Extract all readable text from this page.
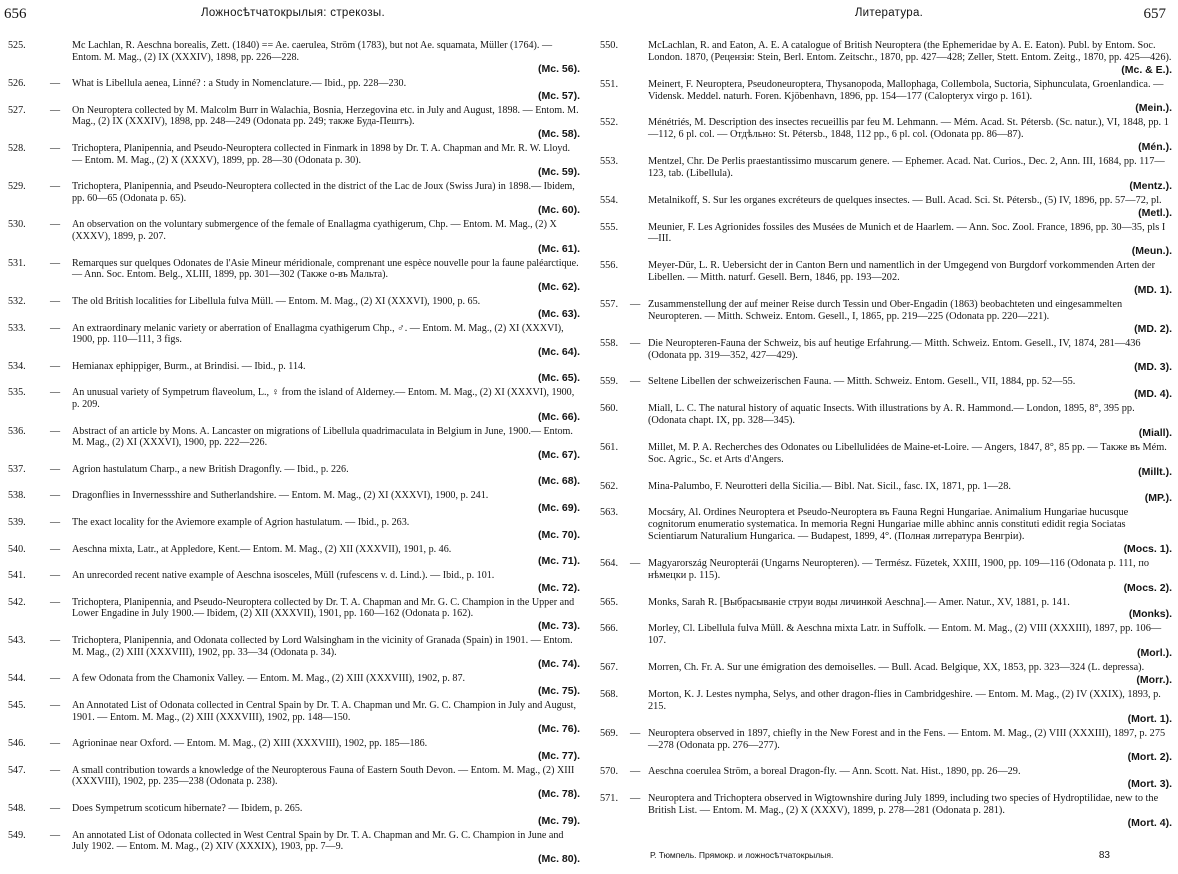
656	Ложносѣтчатокрылыя: стрекозы.
525.	Mc Lachlan, R. Aeschna borealis, Zett. (1840) == Ae. caerulea, Ström (1783), but not Ae. squamata, Müller (1764). — Entom. M. Mag., (2) IX (XXXIV), 1898, pp. 226—228.
(Mc. 56).
526.	— What is Libellula aenea, Linné? : a Study in Nomenclature.— Ibid., pp. 228—230.
(Mc. 57).
527.	— On Neuroptera collected by M. Malcolm Burr in Walachia, Bosnia, Herzegovina etc. in July and August, 1898. — Entom. M. Mag., (2) IX (XXXIV), 1898, pp. 248—249 (Odonata pp. 249; также Буда-Пештъ).
(Mc. 58).
528.	— Trichoptera, Planipennia, and Pseudo-Neuroptera collected in Finmark in 1898 by Dr. T. A. Chapman and Mr. R. W. Lloyd.— Entom. M. Mag., (2) X (XXXV), 1899, pp. 28—30 (Odonata p. 30).
(Mc. 59).
529.	— Trichoptera, Planipennia, and Pseudo-Neuroptera collected in the district of the Lac de Joux (Swiss Jura) in 1898.— Ibidem, pp. 60—65 (Odonata p. 65).
(Mc. 60).
530.	— An observation on the voluntary submergence of the female of Enallagma cyathigerum, Chp. — Entom. M. Mag., (2) X (XXXV), 1899, p. 207.
(Mc. 61).
531.	— Remarques sur quelques Odonates de l'Asie Mineur méridionale, comprenant une espèce nouvelle pour la faune paléarctique. — Ann. Soc. Entom. Belg., XLIII, 1899, pp. 301—302 (Также о-въ Мальта).
(Mc. 62).
532.	— The old British localities for Libellula fulva Müll. — Entom. M. Mag., (2) XI (XXXVI), 1900, p. 65.
(Mc. 63).
533.	— An extraordinary melanic variety or aberration of Enallagma cyathigerum Chp., ♂. — Entom. M. Mag., (2) XI (XXXVI), 1900, pp. 110—111, 3 figs.
(Mc. 64).
534.	— Hemianax ephippiger, Burm., at Brindisi. — Ibid., p. 114.
(Mc. 65).
535.	— An unusual variety of Sympetrum flaveolum, L., ♀ from the island of Alderney.— Entom. M. Mag., (2) XI (XXXVI), 1900, p. 209.
(Mc. 66).
536.	— Abstract of an article by Mons. A. Lancaster on migrations of Libellula quadrimaculata in Belgium in June, 1900.— Entom. M. Mag., (2) XI (XXXVI), 1900, pp. 222—226.
(Mc. 67).
537.	— Agrion hastulatum Charp., a new British Dragonfly. — Ibid., p. 226.
(Mc. 68).
538.	— Dragonflies in Invernessshire and Sutherlandshire. — Entom. M. Mag., (2) XI (XXXVI), 1900, p. 241.
(Mc. 69).
539.	— The exact locality for the Aviemore example of Agrion hastulatum. — Ibid., p. 263.
(Mc. 70).
540.	— Aeschna mixta, Latr., at Appledore, Kent.— Entom. M. Mag., (2) XII (XXXVII), 1901, p. 46.
(Mc. 71).
541.	— An unrecorded recent native example of Aeschna isosceles, Müll (rufescens v. d. Lind.). — Ibid., p. 101.
(Mc. 72).
542.	— Trichoptera, Planipennia, and Pseudo-Neuroptera collected by Dr. T. A. Chapman and Mr. G. C. Champion in the Upper and Lower Engadine in July 1900.— Ibidem, (2) XII (XXXVII), 1901, pp. 160—162 (Odonata p. 162).
(Mc. 73).
543.	— Trichoptera, Planipennia, and Odonata collected by Lord Walsingham in the vicinity of Granada (Spain) in 1901. — Entom. M. Mag., (2) XIII (XXXVIII), 1902, pp. 33—34 (Odonata p. 34).
(Mc. 74).
544.	— A few Odonata from the Chamonix Valley. — Entom. M. Mag., (2) XIII (XXXVIII), 1902, p. 87.
(Mc. 75).
545.	— An Annotated List of Odonata collected in Central Spain by Dr. T. A. Chapman und Mr. G. C. Champion in July and August, 1901. — Entom. M. Mag., (2) XIII (XXXVIII), 1902, pp. 148—150.
(Mc. 76).
546.	— Agrioninae near Oxford. — Entom. M. Mag., (2) XIII (XXXVIII), 1902, pp. 185—186.
(Mc. 77).
547.	— A small contribution towards a knowledge of the Neuropterous Fauna of Eastern South Devon. — Entom. M. Mag., (2) XIII (XXXVIII), 1902, pp. 235—238 (Odonata p. 238).
(Mc. 78).
548.	— Does Sympetrum scoticum hibernate? — Ibidem, p. 265.
(Mc. 79).
549.	— An annotated List of Odonata collected in West Central Spain by Dr. T. A. Chapman and Mr. G. C. Champion in June and July 1902. — Entom. M. Mag., (2) XIV (XXXIX), 1903, pp. 7—9.
(Mc. 80).
Литература.	657
550.	McLachlan, R. and Eaton, A. E. A catalogue of British Neuroptera (the Ephemeridae by A. E. Eaton). Publ. by Entom. Soc. London. 1870, (Рецензія: Stein, Berl. Entom. Zeitschr., 1870, pp. 427—428; Zeller, Stett. Entom. Zeitg., 1870, pp. 425—426).
(Mc. & E.).
551.	Meinert, F. Neuroptera, Pseudoneuroptera, Thysanopoda, Mallophaga, Collembola, Suctoria, Siphunculata, Groenlandica. — Vidensk. Meddel. naturh. Foren. Kjöbenhavn, 1896, pp. 154—177 (Calopteryx virgo p. 161).
(Mein.).
552.	Ménétriés, M. Description des insectes recueillis par feu M. Lehmann. — Mém. Acad. St. Pétersb. (Sc. natur.), VI, 1848, pp. 1—112, 6 pl. col. — Отдѣльно: St. Pétersb., 1848, 112 pp., 6 pl. col. (Odonata pp. 86—87).
(Mén.).
553.	Mentzel, Chr. De Perlis praestantissimo muscarum genere. — Ephemer. Acad. Nat. Curios., Dec. 2, Ann. III, 1684, pp. 117—123, tab. (Libellula).
(Mentz.).
554.	Metalnikoff, S. Sur les organes excréteurs de quelques insectes. — Bull. Acad. Sci. St. Pétersb., (5) IV, 1896, pp. 57—72, pl.
(Metl.).
555.	Meunier, F. Les Agrionides fossiles des Musées de Munich et de Haarlem. — Ann. Soc. Zool. France, 1896, pp. 30—35, pls I—III.
(Meun.).
556.	Meyer-Dür, L. R. Uebersicht der in Canton Bern und namentlich in der Umgegend von Burgdorf vorkommenden Arten der Libellen. — Mitth. naturf. Gesell. Bern, 1846, pp. 193—202.
(MD. 1).
557.	— Zusammenstellung der auf meiner Reise durch Tessin und Ober-Engadin (1863) beobachteten und eingesammelten Neuropteren. — Mitth. Schweiz. Entom. Gesell., I, 1865, pp. 219—225 (Odonata pp. 220—221).
(MD. 2).
558.	— Die Neuropteren-Fauna der Schweiz, bis auf heutige Erfahrung.— Mitth. Schweiz. Entom. Gesell., IV, 1874, 281—436 (Odonata pp. 319—352, 427—429).
(MD. 3).
559.	— Seltene Libellen der schweizerischen Fauna. — Mitth. Schweiz. Entom. Gesell., VII, 1884, pp. 52—55.
(MD. 4).
560.	Miall, L. C. The natural history of aquatic Insects. With illustrations by A. R. Hammond.— London, 1895, 8°, 395 pp. (Odonata chapt. IX, pp. 328—345).
(Miall).
561.	Millet, M. P. A. Recherches des Odonates ou Libellulidées de Maine-et-Loire. — Angers, 1847, 8°, 85 pp. — Также въ Mém. Soc. Agric., Sc. et Arts d'Angers.
(Millt.).
562.	Mina-Palumbo, F. Neurotteri della Sicilia.— Bibl. Nat. Sicil., fasc. IX, 1871, pp. 1—28.
(MP.).
563.	Mocsáry, Al. Ordines Neuroptera et Pseudo-Neuroptera въ Fauna Regni Hungariae. Animalium Hungariae hucusque cognitorum enumeratio systematica. In memoria Regni Hungariae mille abhinc annis constituti edidit regia Sociatas Scientiarum Naturalium Hungarica. — Budapest, 1899, 4°. (Полная литература Венгріи).
(Mocs. 1).
564.	— Magyarország Neuropterái (Ungarns Neuropteren). — Termész. Füzetek, XXIII, 1900, pp. 109—116 (Odonata p. 111, по нѣмецки p. 115).
(Mocs. 2).
565.	Monks, Sarah R. [Выбрасываніе струи воды личинкой Aeschna].— Amer. Natur., XV, 1881, p. 141.
(Monks).
566.	Morley, Cl. Libellula fulva Müll. & Aeschna mixta Latr. in Suffolk. — Entom. M. Mag., (2) VIII (XXXIII), 1897, pp. 106—107.
(Morl.).
567.	Morren, Ch. Fr. A. Sur une émigration des demoiselles. — Bull. Acad. Belgique, XX, 1853, pp. 323—324 (L. depressa).
(Morr.).
568.	Morton, K. J. Lestes nympha, Selys, and other dragon-flies in Cambridgeshire. — Entom. M. Mag., (2) IV (XXIX), 1893, p. 215.
(Mort. 1).
569.	— Neuroptera observed in 1897, chiefly in the New Forest and in the Fens. — Entom. M. Mag., (2) VIII (XXXIII), 1897, p. 275—278 (Odonata pp. 276—277).
(Mort. 2).
570.	— Aeschna coerulea Ström, a boreal Dragon-fly. — Ann. Scott. Nat. Hist., 1890, pp. 26—29.
(Mort. 3).
571.	— Neuroptera and Trichoptera observed in Wigtownshire during July 1899, including two species of Hydroptilidae, new to the British List. — Entom. M. Mag., (2) X (XXXV), 1899, p. 278—281 (Odonata p. 281).
(Mort. 4).
Р. Тюмпель. Прямокр. и ложносѣтчатокрылыя.	83
